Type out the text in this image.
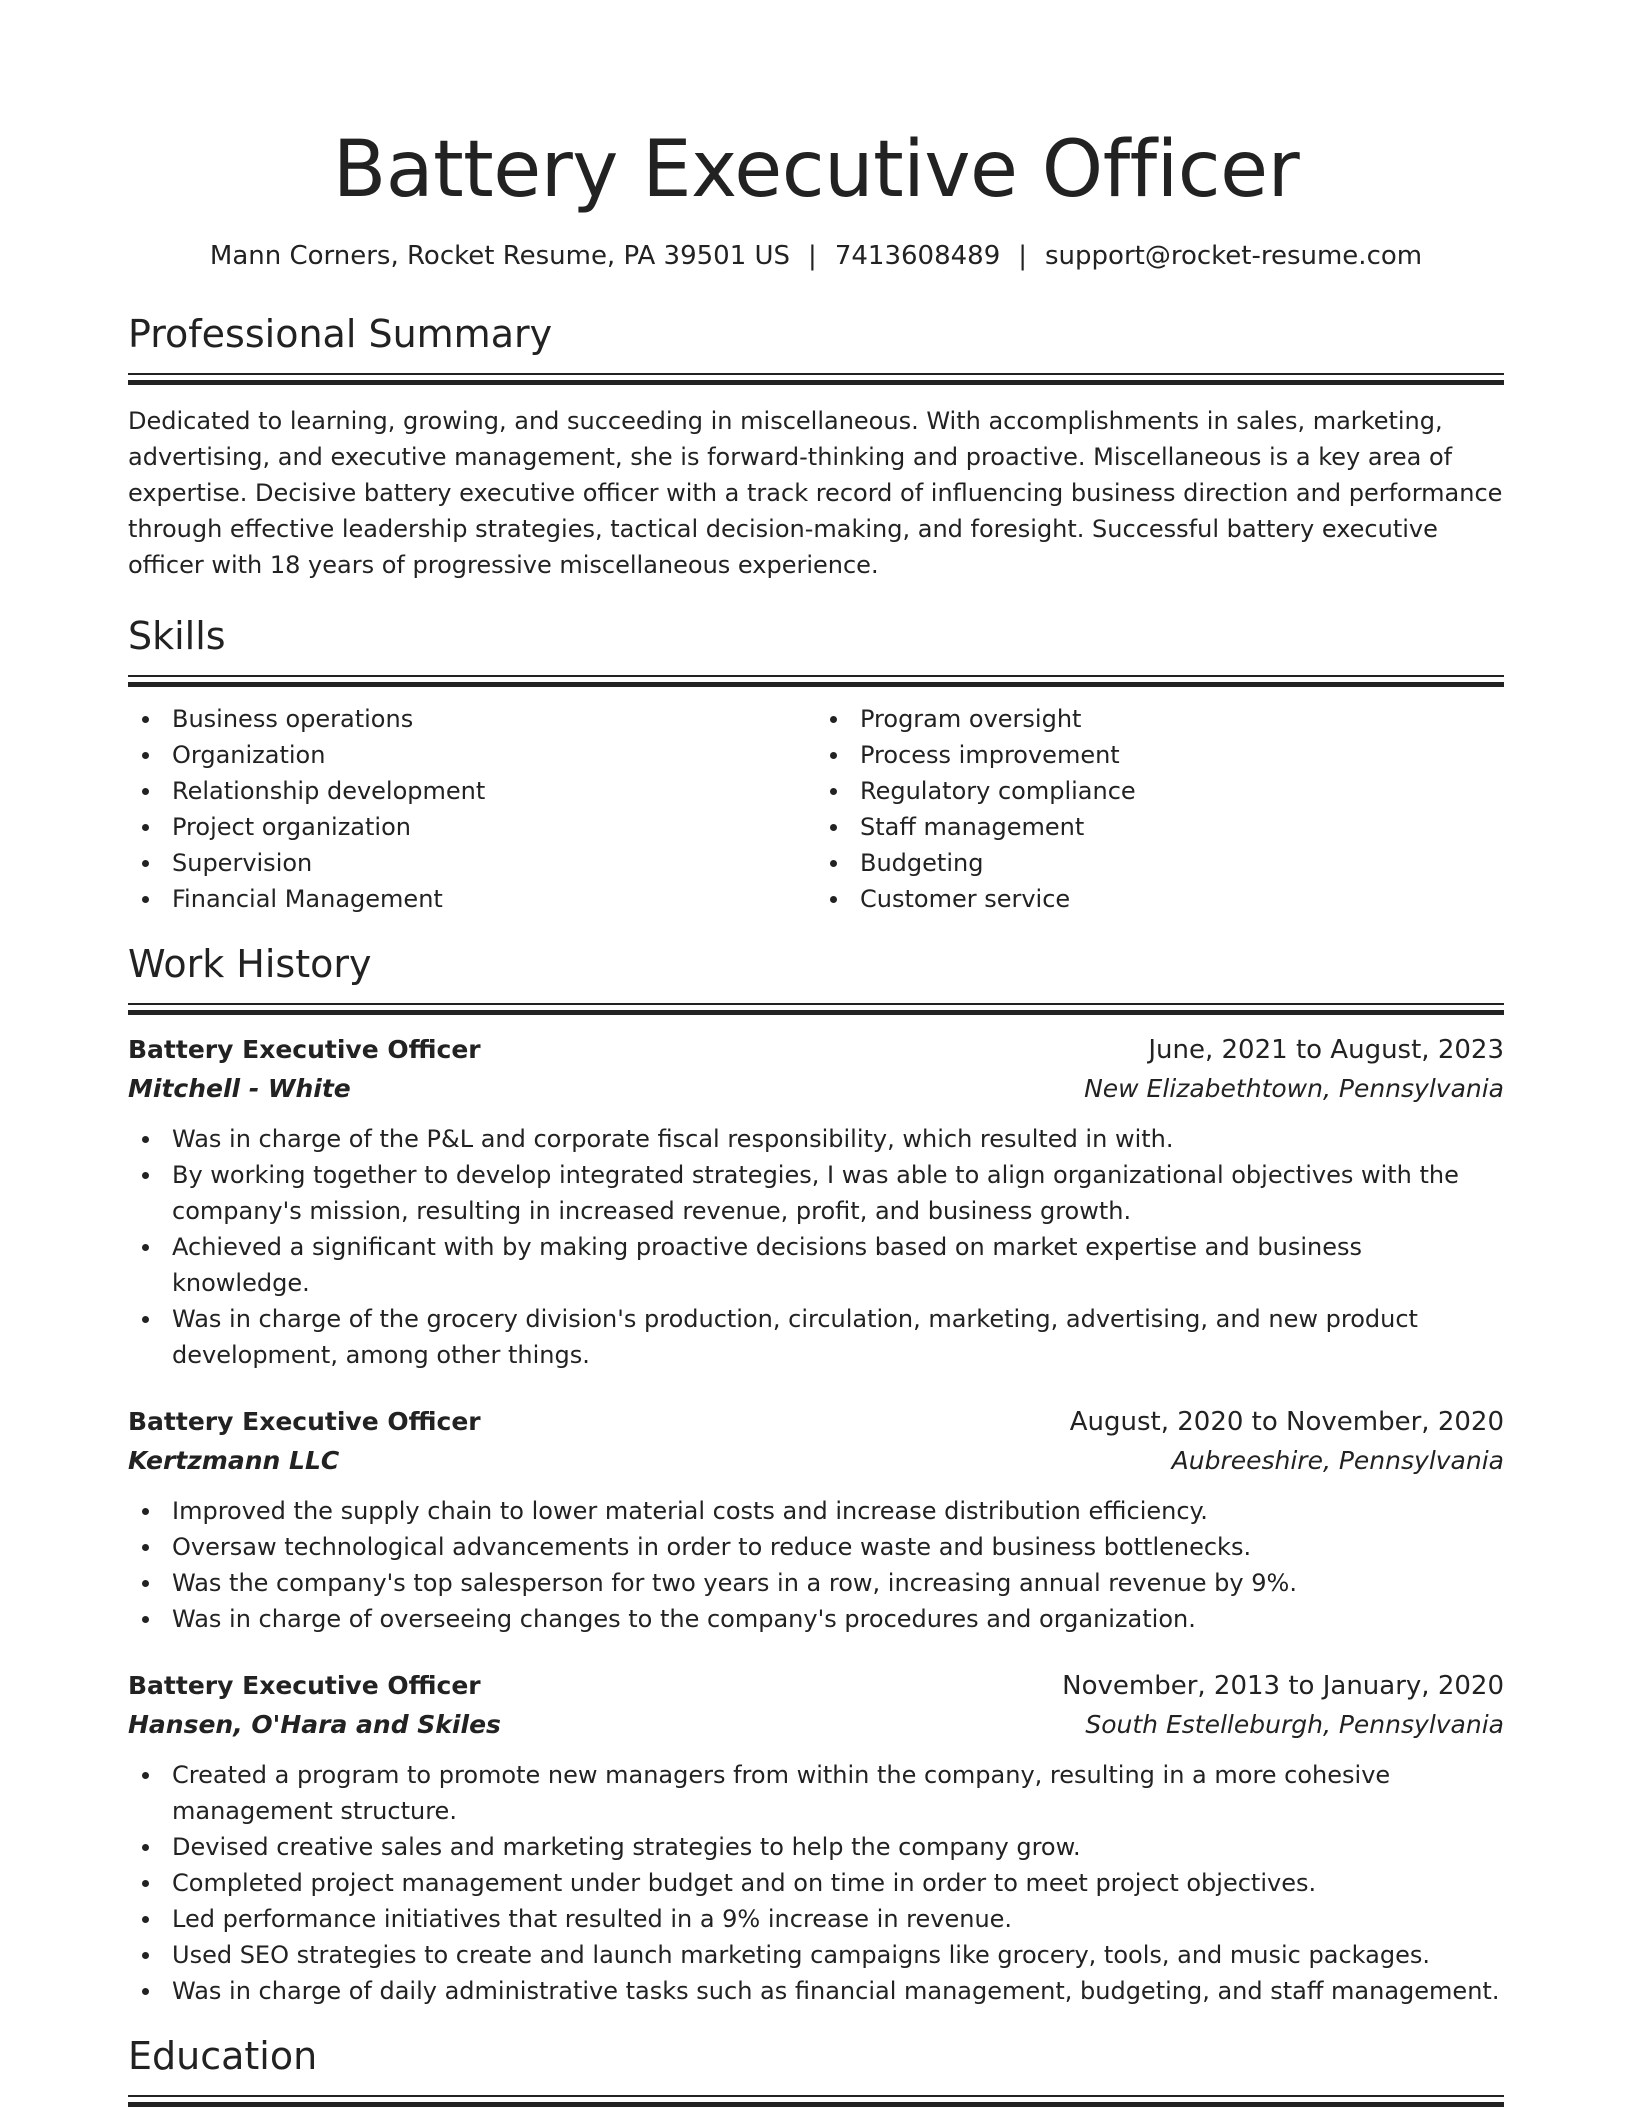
Battery Executive Officer
Mann Corners, Rocket Resume, PA 39501 US | 7413608489 | support@rocket-resume.com
Professional Summary
Dedicated to learning, growing, and succeeding in miscellaneous. With accomplishments in sales, marketing, advertising, and executive management, she is forward-thinking and proactive. Miscellaneous is a key area of expertise. Decisive battery executive officer with a track record of influencing business direction and performance through effective leadership strategies, tactical decision-making, and foresight. Successful battery executive officer with 18 years of progressive miscellaneous experience.
Skills
Business operations
Organization
Relationship development
Project organization
Supervision
Financial Management
Program oversight
Process improvement
Regulatory compliance
Staff management
Budgeting
Customer service
Work History
Battery Executive Officer	June, 2021 to August, 2023
Mitchell - White	New Elizabethtown, Pennsylvania
Was in charge of the P&L and corporate fiscal responsibility, which resulted in with.
By working together to develop integrated strategies, I was able to align organizational objectives with the company's mission, resulting in increased revenue, profit, and business growth.
Achieved a significant with by making proactive decisions based on market expertise and business knowledge.
Was in charge of the grocery division's production, circulation, marketing, advertising, and new product development, among other things.
Battery Executive Officer	August, 2020 to November, 2020
Kertzmann LLC	Aubreeshire, Pennsylvania
Improved the supply chain to lower material costs and increase distribution efficiency.
Oversaw technological advancements in order to reduce waste and business bottlenecks.
Was the company's top salesperson for two years in a row, increasing annual revenue by 9%.
Was in charge of overseeing changes to the company's procedures and organization.
Battery Executive Officer	November, 2013 to January, 2020
Hansen, O'Hara and Skiles	South Estelleburgh, Pennsylvania
Created a program to promote new managers from within the company, resulting in a more cohesive management structure.
Devised creative sales and marketing strategies to help the company grow.
Completed project management under budget and on time in order to meet project objectives.
Led performance initiatives that resulted in a 9% increase in revenue.
Used SEO strategies to create and launch marketing campaigns like grocery, tools, and music packages.
Was in charge of daily administrative tasks such as financial management, budgeting, and staff management.
Education
